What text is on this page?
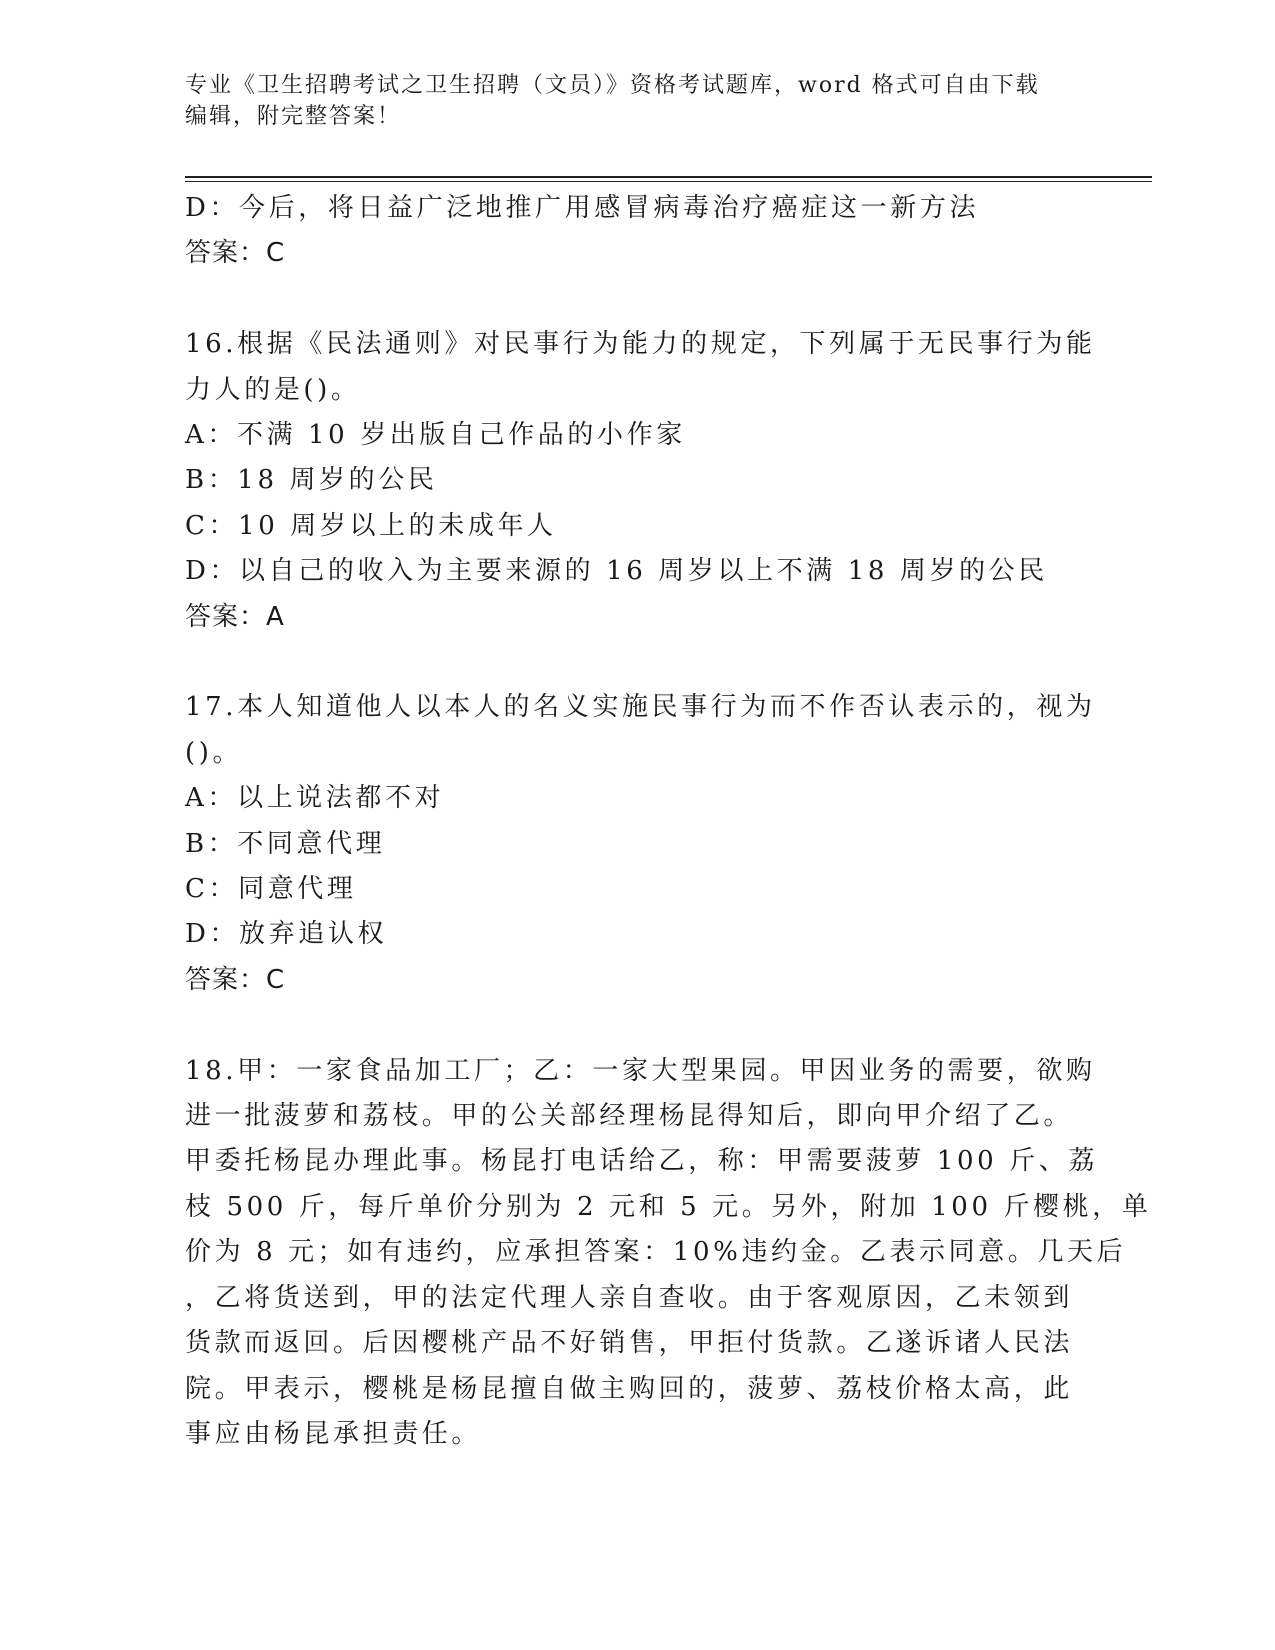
专业《卫生招聘考试之卫生招聘（文员）》资格考试题库，word 格式可自由下载
编辑，附完整答案！
D：今后，将日益广泛地推广用感冒病毒治疗癌症这一新方法
答案：C
16.根据《民法通则》对民事行为能力的规定，下列属于无民事行为能
力人的是()。
A：不满 10 岁出版自己作品的小作家
B：18 周岁的公民
C：10 周岁以上的未成年人
D：以自己的收入为主要来源的 16 周岁以上不满 18 周岁的公民
答案：A
17.本人知道他人以本人的名义实施民事行为而不作否认表示的，视为
()。
A：以上说法都不对
B：不同意代理
C：同意代理
D：放弃追认权
答案：C
18.甲：一家食品加工厂；乙：一家大型果园。甲因业务的需要，欲购
进一批菠萝和荔枝。甲的公关部经理杨昆得知后，即向甲介绍了乙。
甲委托杨昆办理此事。杨昆打电话给乙，称：甲需要菠萝 100 斤、荔
枝 500 斤，每斤单价分别为 2 元和 5 元。另外，附加 100 斤樱桃，单
价为 8 元；如有违约，应承担答案：10%违约金。乙表示同意。几天后
，乙将货送到，甲的法定代理人亲自查收。由于客观原因，乙未领到
货款而返回。后因樱桃产品不好销售，甲拒付货款。乙遂诉诸人民法
院。甲表示，樱桃是杨昆擅自做主购回的，菠萝、荔枝价格太高，此
事应由杨昆承担责任。
